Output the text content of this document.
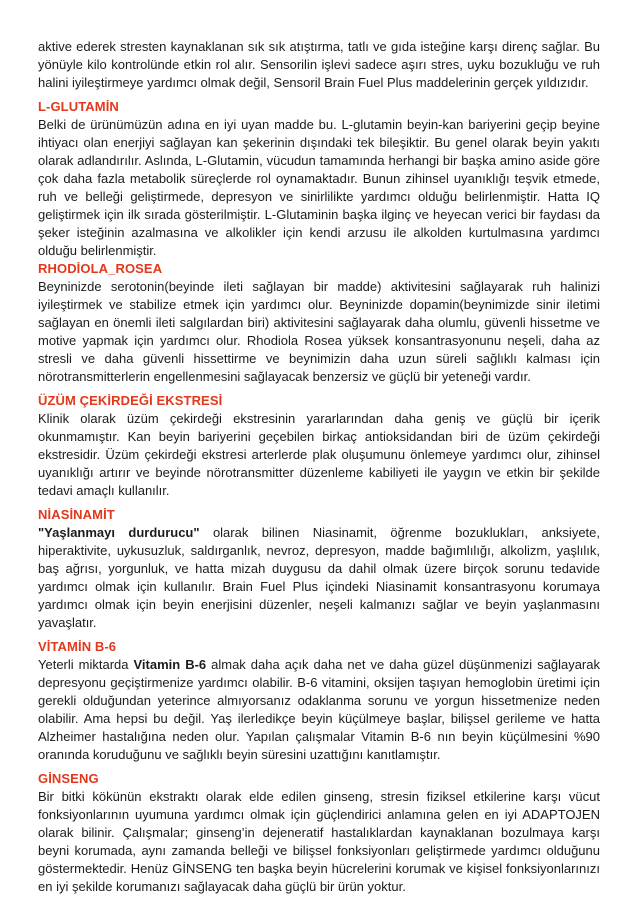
aktive ederek stresten kaynaklanan sık sık atıştırma, tatlı ve gıda isteğine karşı direnç sağlar. Bu yönüyle kilo kontrolünde etkin rol alır. Sensorilin işlevi sadece aşırı stres, uyku bozukluğu ve ruh halini iyileştirmeye yardımcı olmak değil, Sensoril Brain Fuel Plus maddelerinin gerçek yıldızıdır.

L-GLUTAMİN

Belki de ürünümüzün adına en iyi uyan madde bu. L-glutamin beyin-kan bariyerini geçip beyine ihtiyacı olan enerjiyi sağlayan kan şekerinin dışındaki tek bileşiktir. Bu genel olarak beyin yakıtı olarak adlandırılır. Aslında, L-Glutamin, vücudun tamamında herhangi bir başka amino aside göre çok daha fazla metabolik süreçlerde rol oynamaktadır. Bunun zihinsel uyanıklığı teşvik etmede, ruh ve belleği geliştirmede, depresyon ve sinirlilikte yardımcı olduğu belirlenmiştir. Hatta IQ geliştirmek için ilk sırada gösterilmiştir. L-Glutaminin başka ilginç ve heyecan verici bir faydası da şeker isteğinin azalmasına ve alkolikler için kendi arzusu ile alkolden kurtulmasına yardımcı olduğu belirlenmiştir.

RHODİOLA_ROSEA

Beyninizde serotonin(beyinde ileti sağlayan bir madde) aktivitesini sağlayarak ruh halinizi iyileştirmek ve stabilize etmek için yardımcı olur. Beyninizde dopamin(beynimizde sinir iletimi sağlayan en önemli ileti salgılardan biri) aktivitesini sağlayarak daha olumlu, güvenli hissetme ve motive yapmak için yardımcı olur. Rhodiola Rosea yüksek konsantrasyonunu neşeli, daha az stresli ve daha güvenli hissettirme ve beynimizin daha uzun süreli sağlıklı kalması için nörotransmitterlerin engellenmesini sağlayacak benzersiz ve güçlü bir yeteneği vardır.

ÜZÜM ÇEKİRDEĞİ EKSTRESİ

Klinik olarak üzüm çekirdeği ekstresinin yararlarından daha geniş ve güçlü bir içerik okunmamıştır. Kan beyin bariyerini geçebilen birkaç antioksidandan biri de üzüm çekirdeği ekstresidir. Üzüm çekirdeği ekstresi arterlerde plak oluşumunu önlemeye yardımcı olur, zihinsel uyanıklığı artırır ve beyinde nörotransmitter düzenleme kabiliyeti ile yaygın ve etkin bir şekilde tedavi amaçlı kullanılır.

NİASİNAMİT

"Yaşlanmayı durdurucu" olarak bilinen Niasinamit, öğrenme bozuklukları, anksiyete, hiperaktivite, uykusuzluk, saldırganlık, nevroz, depresyon, madde bağımlılığı, alkolizm, yaşlılık, baş ağrısı, yorgunluk, ve hatta mizah duygusu da dahil olmak üzere birçok sorunu tedavide yardımcı olmak için kullanılır. Brain Fuel Plus içindeki Niasinamit konsantrasyonu korumaya yardımcı olmak için beyin enerjisini düzenler, neşeli kalmanızı sağlar ve beyin yaşlanmasını yavaşlatır.

VİTAMİN B-6

Yeterli miktarda Vitamin B-6 almak daha açık daha net ve daha güzel düşünmenizi sağlayarak depresyonu geçiştirmenize yardımcı olabilir. B-6 vitamini, oksijen taşıyan hemoglobin üretimi için gerekli olduğundan yeterince almıyorsanız odaklanma sorunu ve yorgun hissetmenize neden olabilir. Ama hepsi bu değil. Yaş ilerledikçe beyin küçülmeye başlar, bilişsel gerileme ve hatta Alzheimer hastalığına neden olur. Yapılan çalışmalar Vitamin B-6 nın beyin küçülmesini %90 oranında koruduğunu ve sağlıklı beyin süresini uzattığını kanıtlamıştır.

GİNSENG

Bir bitki kökünün ekstraktı olarak elde edilen ginseng, stresin fiziksel etkilerine karşı vücut fonksiyonlarının uyumuna yardımcı olmak için güçlendirici anlamına gelen en iyi ADAPTOJEN olarak bilinir. Çalışmalar; ginseng’in dejeneratif hastalıklardan kaynaklanan bozulmaya karşı beyni korumada, aynı zamanda belleği ve bilişsel fonksiyonları geliştirmede yardımcı olduğunu göstermektedir. Henüz GİNSENG ten başka beyin hücrelerini korumak ve kişisel fonksiyonlarınızı en iyi şekilde korumanızı sağlayacak daha güçlü bir ürün yoktur.
